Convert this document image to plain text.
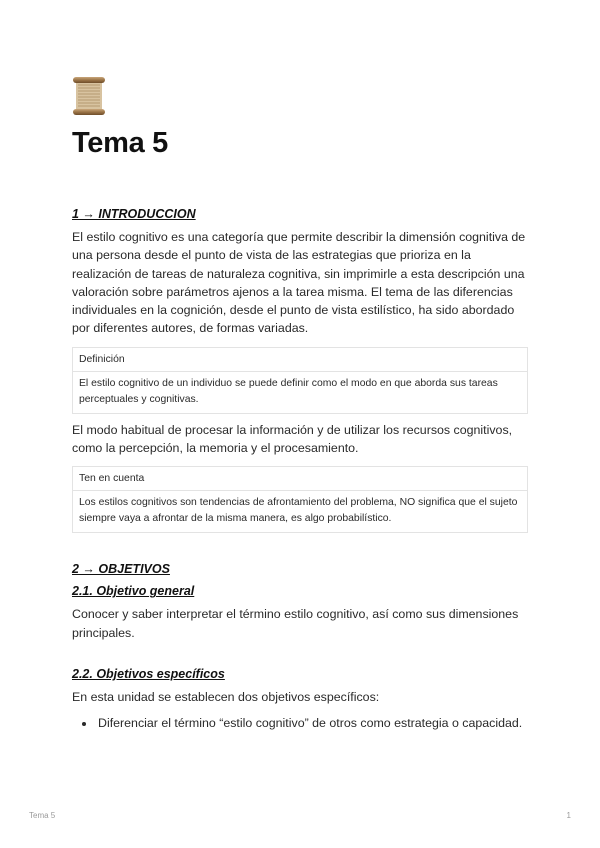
Tema 5
1 → INTRODUCCION

El estilo cognitivo es una categoría que permite describir la dimensión cognitiva de una persona desde el punto de vista de las estrategias que prioriza en la realización de tareas de naturaleza cognitiva, sin imprimirle a esta descripción una valoración sobre parámetros ajenos a la tarea misma. El tema de las diferencias individuales en la cognición, desde el punto de vista estilístico, ha sido abordado por diferentes autores, de formas variadas.

Definición
El estilo cognitivo de un individuo se puede definir como el modo en que aborda sus tareas perceptuales y cognitivas.

El modo habitual de procesar la información y de utilizar los recursos cognitivos, como la percepción, la memoria y el procesamiento.

Ten en cuenta
Los estilos cognitivos son tendencias de afrontamiento del problema, NO significa que el sujeto siempre vaya a afrontar de la misma manera, es algo probabilístico.
2 → OBJETIVOS
2.1. Objetivo general

Conocer y saber interpretar el término estilo cognitivo, así como sus dimensiones principales.

2.2. Objetivos específicos

En esta unidad se establecen dos objetivos específicos:

• Diferenciar el término “estilo cognitivo” de otros como estrategia o capacidad.
Tema 5	1
